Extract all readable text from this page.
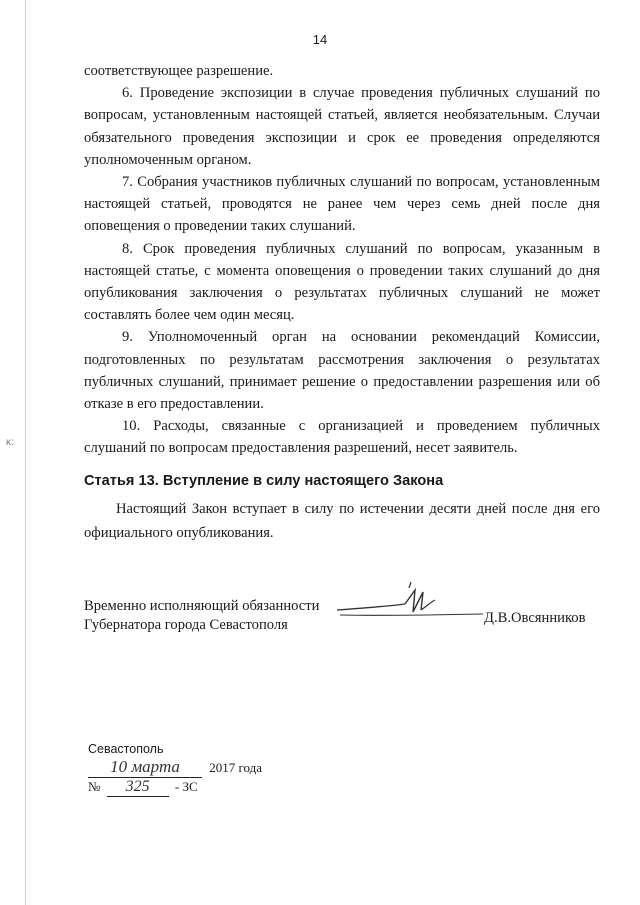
ĸ:
14

соответствующее разрешение.

6. Проведение экспозиции в случае проведения публичных слушаний по вопросам, установленным настоящей статьей, является необязательным. Случаи обязательного проведения экспозиции и срок ее проведения определяются уполномоченным органом.

7. Собрания участников публичных слушаний по вопросам, установленным настоящей статьей, проводятся не ранее чем через семь дней после дня оповещения о проведении таких слушаний.

8. Срок проведения публичных слушаний по вопросам, указанным в настоящей статье, с момента оповещения о проведении таких слушаний до дня опубликования заключения о результатах публичных слушаний не может составлять более чем один месяц.

9. Уполномоченный орган на основании рекомендаций Комиссии, подготовленных по результатам рассмотрения заключения о результатах публичных слушаний, принимает решение о предоставлении разрешения или об отказе в его предоставлении.

10. Расходы, связанные с организацией и проведением публичных слушаний по вопросам предоставления разрешений, несет заявитель.

Статья 13. Вступление в силу настоящего Закона
Настоящий Закон вступает в силу по истечении десяти дней после дня его официального опубликования.
Временно исполняющий обязанности
Губернатора города Севастополя	Д.В.Овсянников
Севастополь
10 марта 2017 года
№ 325 - ЗС
